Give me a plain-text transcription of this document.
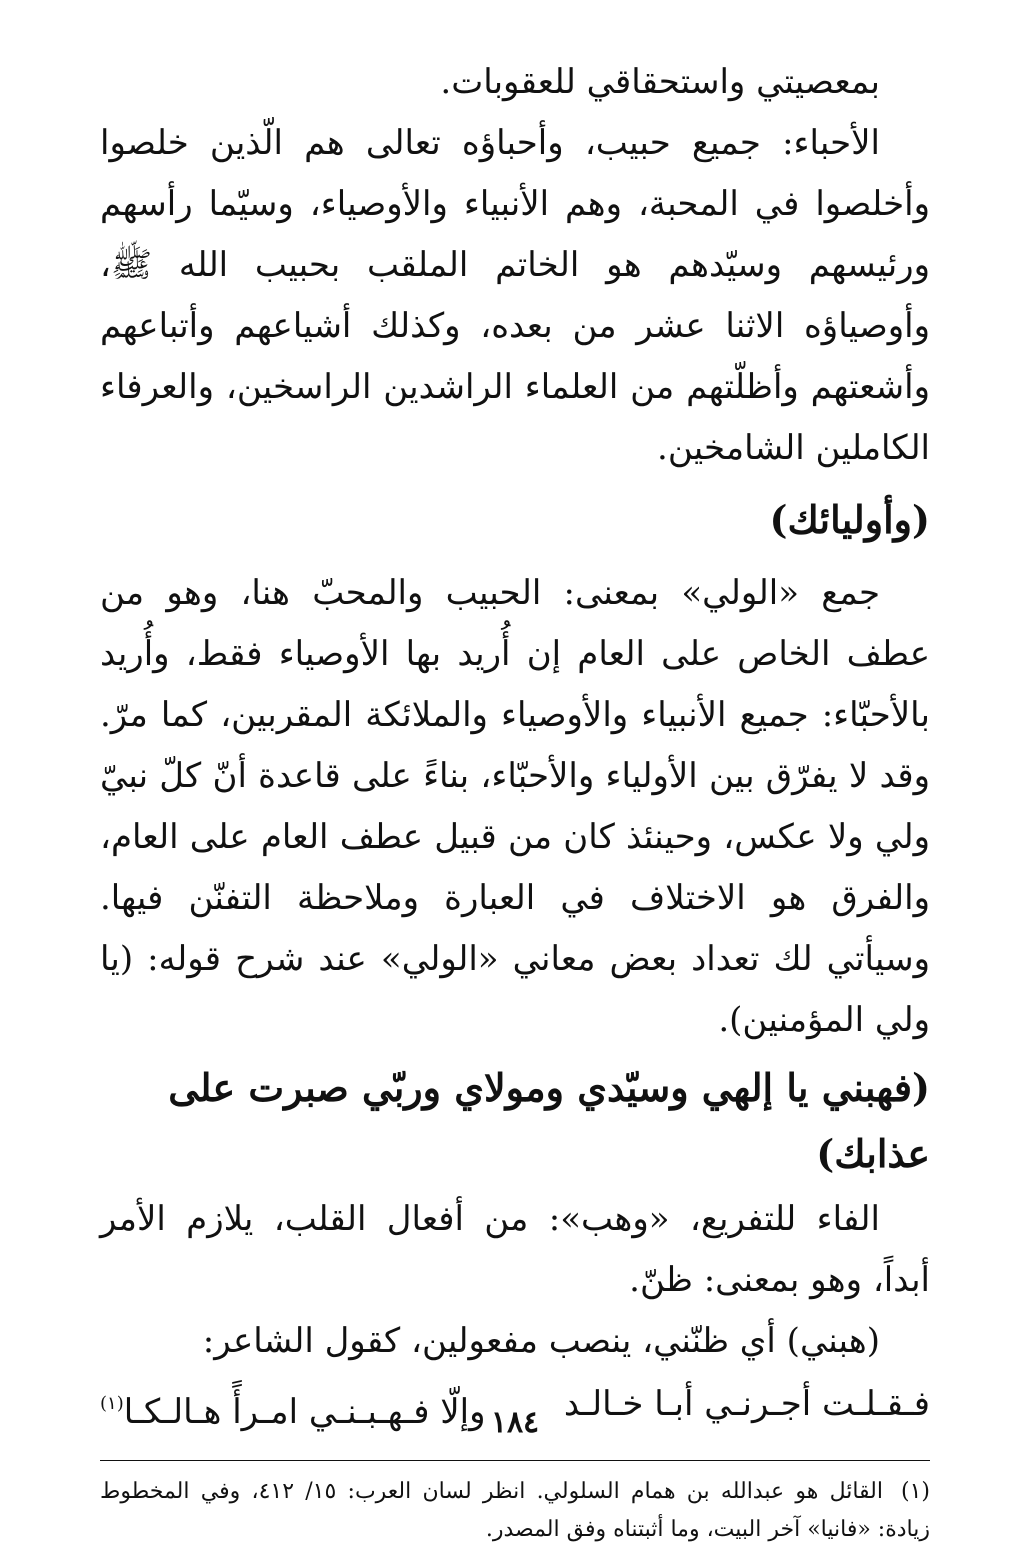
بمعصيتي واستحقاقي للعقوبات.

الأحباء: جميع حبيب، وأحباؤه تعالى هم الّذين خلصوا وأخلصوا في المحبة، وهم الأنبياء والأوصياء، وسيّما رأسهم ورئيسهم وسيّدهم هو الخاتم الملقب بحبيب الله ﷺ، وأوصياؤه الاثنا عشر من بعده، وكذلك أشياعهم وأتباعهم وأشعتهم وأظلّتهم من العلماء الراشدين الراسخين، والعرفاء الكاملين الشامخين.

(وأوليائك)

جمع «الولي» بمعنى: الحبيب والمحبّ هنا، وهو من عطف الخاص على العام إن أُريد بها الأوصياء فقط، وأُريد بالأحبّاء: جميع الأنبياء والأوصياء والملائكة المقربين، كما مرّ. وقد لا يفرّق بين الأولياء والأحبّاء، بناءً على قاعدة أنّ كلّ نبيّ ولي ولا عكس، وحينئذ كان من قبيل عطف العام على العام، والفرق هو الاختلاف في العبارة وملاحظة التفنّن فيها. وسيأتي لك تعداد بعض معاني «الولي» عند شرح قوله: (يا ولي المؤمنين).

(فهبني يا إلهي وسيّدي ومولاي وربّي صبرت على عذابك)

الفاء للتفريع، «وهب»: من أفعال القلب، يلازم الأمر أبداً، وهو بمعنى: ظنّ.

(هبني) أي ظنّني، ينصب مفعولين، كقول الشاعر:

فـقـلـت أجـرنـي أبـا خـالـد
وإلّا فـهـبـنـي امـرأً هـالـكـا$^{(١)}$

(١)القائل هو عبدالله بن همام السلولي. انظر لسان العرب: ١٥/ ٤١٢، وفي المخطوط زيادة: «فانيا» آخر البيت، وما أثبتناه وفق المصدر.

١٨٤
